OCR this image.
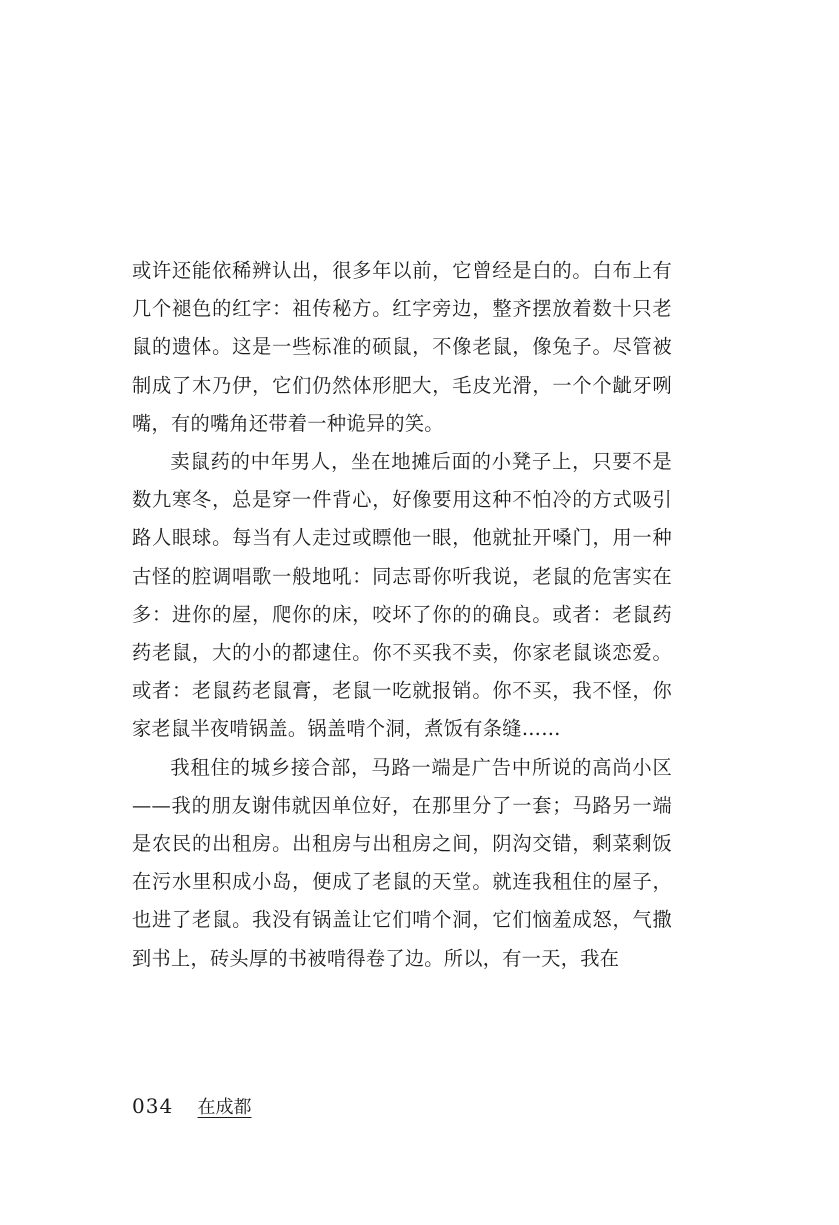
或许还能依稀辨认出，很多年以前，它曾经是白的。白布上有几个褪色的红字：祖传秘方。红字旁边，整齐摆放着数十只老鼠的遗体。这是一些标准的硕鼠，不像老鼠，像兔子。尽管被制成了木乃伊，它们仍然体形肥大，毛皮光滑，一个个龇牙咧嘴，有的嘴角还带着一种诡异的笑。

卖鼠药的中年男人，坐在地摊后面的小凳子上，只要不是数九寒冬，总是穿一件背心，好像要用这种不怕冷的方式吸引路人眼球。每当有人走过或瞟他一眼，他就扯开嗓门，用一种古怪的腔调唱歌一般地吼：同志哥你听我说，老鼠的危害实在多：进你的屋，爬你的床，咬坏了你的的确良。或者：老鼠药药老鼠，大的小的都逮住。你不买我不卖，你家老鼠谈恋爱。或者：老鼠药老鼠膏，老鼠一吃就报销。你不买，我不怪，你家老鼠半夜啃锅盖。锅盖啃个洞，煮饭有条缝……

我租住的城乡接合部，马路一端是广告中所说的高尚小区——我的朋友谢伟就因单位好，在那里分了一套；马路另一端是农民的出租房。出租房与出租房之间，阴沟交错，剩菜剩饭在污水里积成小岛，便成了老鼠的天堂。就连我租住的屋子，也进了老鼠。我没有锅盖让它们啃个洞，它们恼羞成怒，气撒到书上，砖头厚的书被啃得卷了边。所以，有一天，我在

034 在成都
